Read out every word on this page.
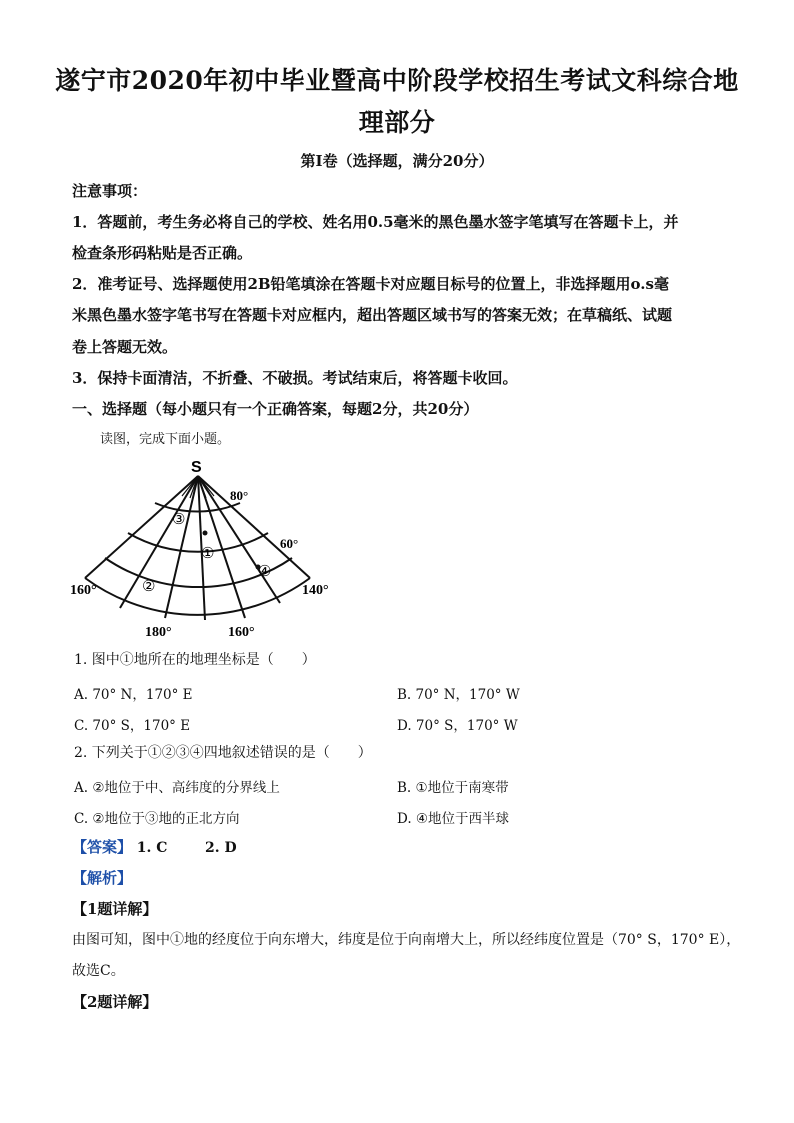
遂宁市2020年初中毕业暨高中阶段学校招生考试文科综合地
理部分
第Ⅰ卷（选择题，满分20分）
注意事项：
1．答题前，考生务必将自己的学校、姓名用0.5毫米的黑色墨水签字笔填写在答题卡上，并
检查条形码粘贴是否正确。
2．准考证号、选择题使用2B铅笔填涂在答题卡对应题目标号的位置上，非选择题用o.s毫
米黑色墨水签字笔书写在答题卡对应框内，超出答题区域书写的答案无效；在草稿纸、试题
卷上答题无效。
3．保持卡面清洁，不折叠、不破损。考试结束后，将答题卡收回。
一、选择题（每小题只有一个正确答案，每题2分，共20分）
读图，完成下面小题。
S
80°
60°
160°	140°
180°	160°
①
②
③
④
1. 图中①地所在的地理坐标是（　　）
A. 70° N，170° E	B. 70° N，170° W
C. 70° S，170° E	D. 70° S，170° W
2. 下列关于①②③④四地叙述错误的是（　　）
A. ②地位于中、高纬度的分界线上	B. ①地位于南寒带
C. ②地位于③地的正北方向	D. ④地位于西半球
【答案】 1. C	2. D
【解析】
【1题详解】
由图可知，图中①地的经度位于向东增大，纬度是位于向南增大上，所以经纬度位置是（70° S，170° E），
故选C。
【2题详解】
